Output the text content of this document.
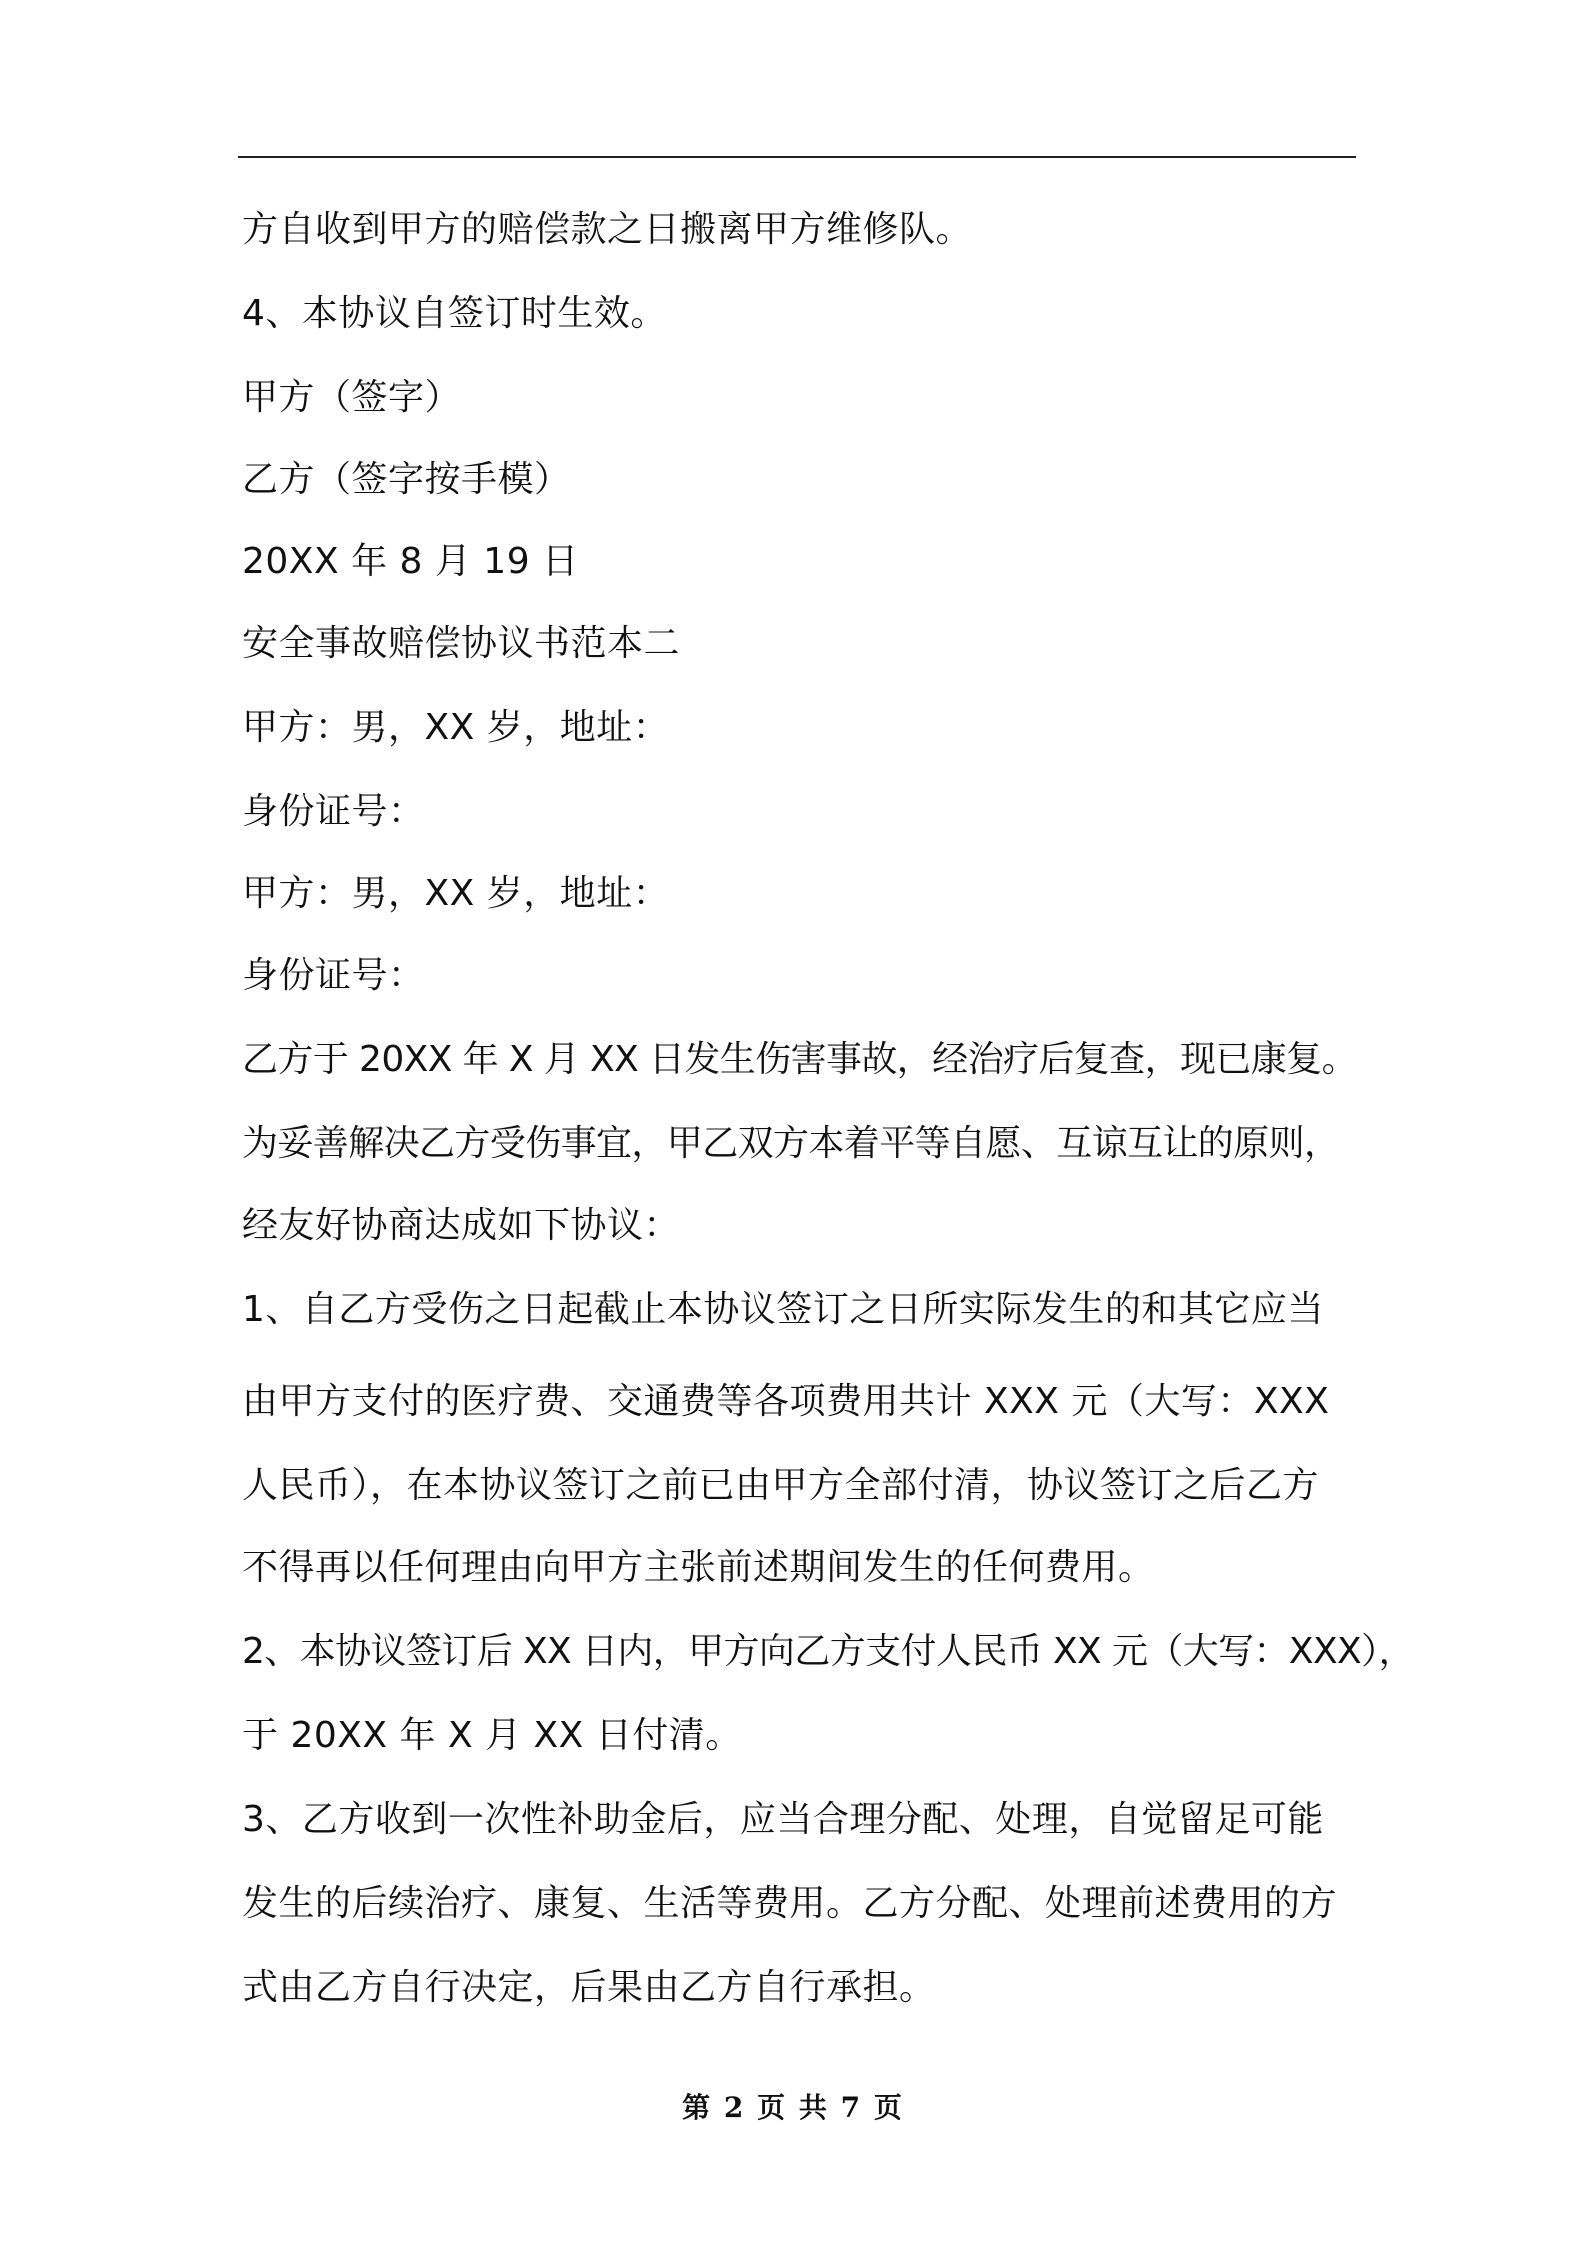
方自收到甲方的赔偿款之日搬离甲方维修队。
4、本协议自签订时生效。
甲方（签字）
乙方（签字按手模）
20XX 年 8 月 19 日
安全事故赔偿协议书范本二
甲方：男，XX 岁，地址：
身份证号：
甲方：男，XX 岁，地址：
身份证号：
乙方于 20XX 年 X 月 XX 日发生伤害事故，经治疗后复查，现已康复。
为妥善解决乙方受伤事宜，甲乙双方本着平等自愿、互谅互让的原则，
经友好协商达成如下协议：
1、自乙方受伤之日起截止本协议签订之日所实际发生的和其它应当
由甲方支付的医疗费、交通费等各项费用共计 XXX 元（大写：XXX
人民币），在本协议签订之前已由甲方全部付清，协议签订之后乙方
不得再以任何理由向甲方主张前述期间发生的任何费用。
2、本协议签订后 XX 日内，甲方向乙方支付人民币 XX 元（大写：XXX），
于 20XX 年 X 月 XX 日付清。
3、乙方收到一次性补助金后，应当合理分配、处理，自觉留足可能
发生的后续治疗、康复、生活等费用。乙方分配、处理前述费用的方
式由乙方自行决定，后果由乙方自行承担。
第 2 页 共 7 页
